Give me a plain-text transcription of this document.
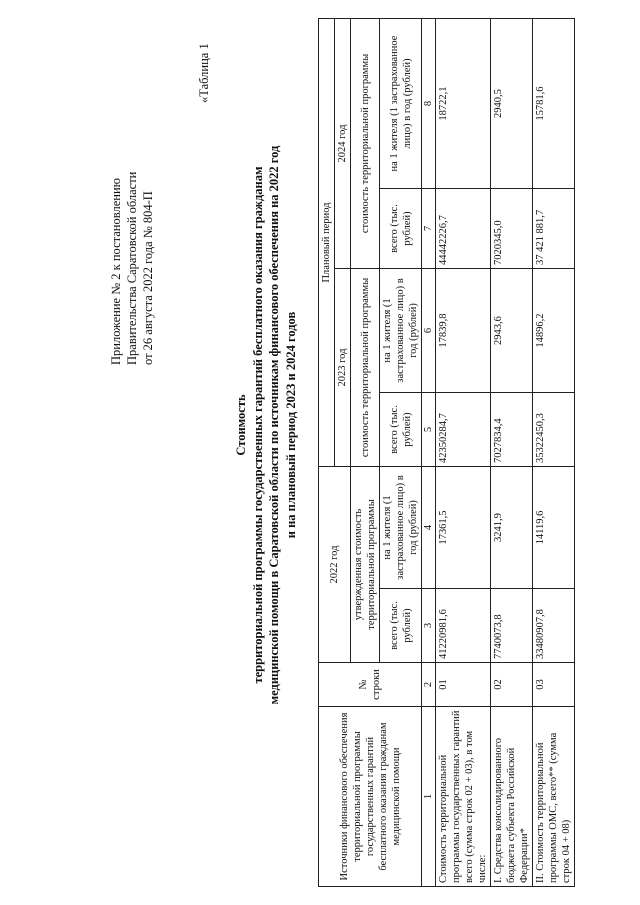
Приложение № 2 к постановлению Правительства Саратовской области от 26 августа 2022 года № 804-П
«Таблица 1
Стоимость территориальной программы государственных гарантий бесплатного оказания гражданам медицинской помощи в Саратовской области по источникам финансового обеспечения на 2022 год и на плановый период 2023 и 2024 годов
Источники финансового обеспечения территориальной программы государственных гарантий бесплатного оказания гражданам медицинской помощи	№ строки	2022 год		Плановый период			
				2023 год		2024 год	
		утвержденная стоимость территориальной программы		стоимость территориальной программы		стоимость территориальной программы	
		всего (тыс. рублей)	на 1 жителя (1 застрахованное лицо) в год (рублей)	всего (тыс. рублей)	на 1 жителя (1 застрахованное лицо) в год (рублей)	всего (тыс. рублей)	на 1 жителя (1 застрахованное лицо) в год (рублей)
1	2	3	4	5	6	7	8
Стоимость территориальной программы государственных гарантий всего (сумма строк 02 + 03), в том числе:	01	41220981,6	17361,5	42350284,7	17839,8	44442226,7	18722,1
I. Средства консолидированного бюджета субъекта Российской Федерации*	02	7740073,8	3241,9	7027834,4	2943,6	7020345,0	2940,5
II. Стоимость территориальной программы ОМС, всего** (сумма строк 04 + 08)	03	33480907,8	14119,6	35322450,3	14896,2	37 421 881,7	15781,6
